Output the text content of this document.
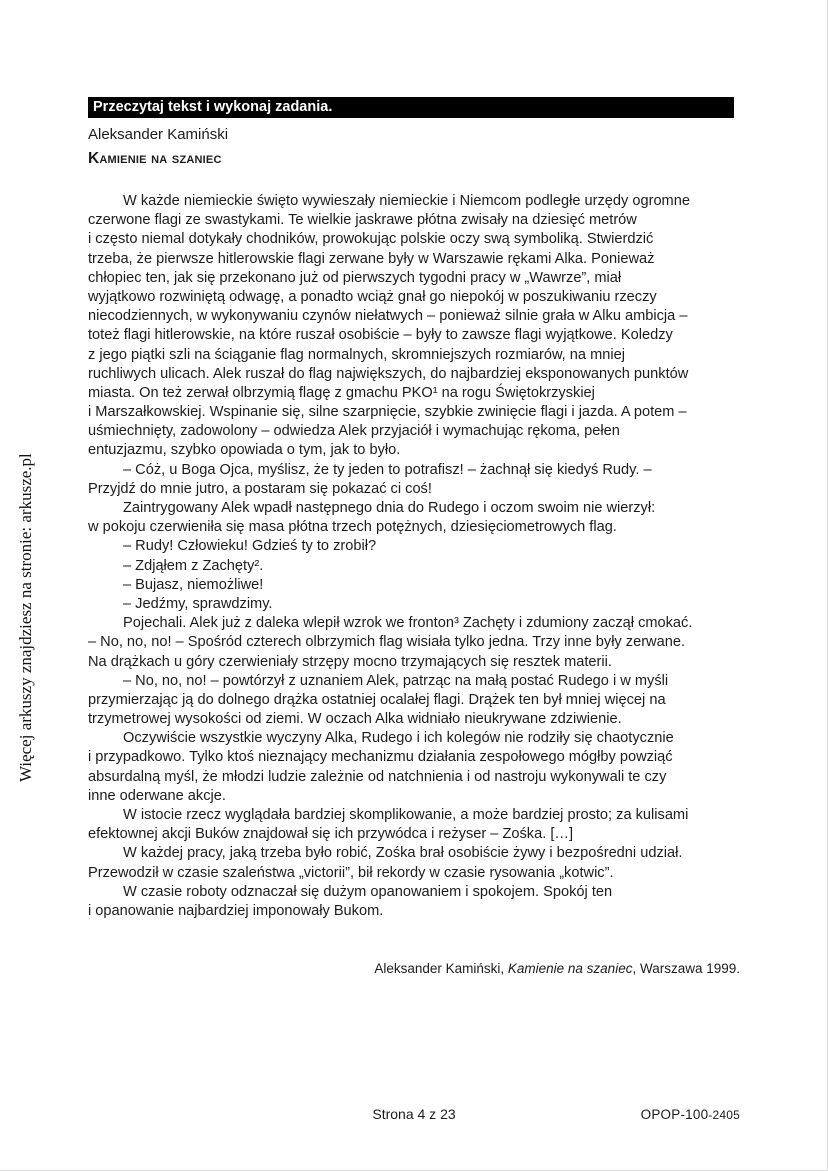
Więcej arkuszy znajdziesz na stronie: arkusze.pl
Przeczytaj tekst i wykonaj zadania.
Aleksander Kamiński
Kamienie na szaniec
W każde niemieckie święto wywieszały niemieckie i Niemcom podległe urzędy ogromne
czerwone flagi ze swastykami. Te wielkie jaskrawe płótna zwisały na dziesięć metrów
i często niemal dotykały chodników, prowokując polskie oczy swą symboliką. Stwierdzić
trzeba, że pierwsze hitlerowskie flagi zerwane były w Warszawie rękami Alka. Ponieważ
chłopiec ten, jak się przekonano już od pierwszych tygodni pracy w „Wawrze”, miał
wyjątkowo rozwiniętą odwagę, a ponadto wciąż gnał go niepokój w poszukiwaniu rzeczy
niecodziennych, w wykonywaniu czynów niełatwych – ponieważ silnie grała w Alku ambicja –
toteż flagi hitlerowskie, na które ruszał osobiście – były to zawsze flagi wyjątkowe. Koledzy
z jego piątki szli na ściąganie flag normalnych, skromniejszych rozmiarów, na mniej
ruchliwych ulicach. Alek ruszał do flag największych, do najbardziej eksponowanych punktów
miasta. On też zerwał olbrzymią flagę z gmachu PKO¹ na rogu Świętokrzyskiej
i Marszałkowskiej. Wspinanie się, silne szarpnięcie, szybkie zwinięcie flagi i jazda. A potem –
uśmiechnięty, zadowolony – odwiedza Alek przyjaciół i wymachując rękoma, pełen
entuzjazmu, szybko opowiada o tym, jak to było.
– Cóż, u Boga Ojca, myślisz, że ty jeden to potrafisz! – żachnął się kiedyś Rudy. –
Przyjdź do mnie jutro, a postaram się pokazać ci coś!
Zaintrygowany Alek wpadł następnego dnia do Rudego i oczom swoim nie wierzył:
w pokoju czerwieniła się masa płótna trzech potężnych, dziesięciometrowych flag.
– Rudy! Człowieku! Gdzieś ty to zrobił?
– Zdjąłem z Zachęty².
– Bujasz, niemożliwe!
– Jedźmy, sprawdzimy.
Pojechali. Alek już z daleka wlepił wzrok we fronton³ Zachęty i zdumiony zaczął cmokać.
– No, no, no! – Spośród czterech olbrzymich flag wisiała tylko jedna. Trzy inne były zerwane.
Na drążkach u góry czerwieniały strzępy mocno trzymających się resztek materii.
– No, no, no! – powtórzył z uznaniem Alek, patrząc na małą postać Rudego i w myśli
przymierzając ją do dolnego drążka ostatniej ocalałej flagi. Drążek ten był mniej więcej na
trzymetrowej wysokości od ziemi. W oczach Alka widniało nieukrywane zdziwienie.
Oczywiście wszystkie wyczyny Alka, Rudego i ich kolegów nie rodziły się chaotycznie
i przypadkowo. Tylko ktoś nieznający mechanizmu działania zespołowego mógłby powziąć
absurdalną myśl, że młodzi ludzie zależnie od natchnienia i od nastroju wykonywali te czy
inne oderwane akcje.
W istocie rzecz wyglądała bardziej skomplikowanie, a może bardziej prosto; za kulisami
efektownej akcji Buków znajdował się ich przywódca i reżyser – Zośka. […]
W każdej pracy, jaką trzeba było robić, Zośka brał osobiście żywy i bezpośredni udział.
Przewodził w czasie szaleństwa „victorii”, bił rekordy w czasie rysowania „kotwic”.
W czasie roboty odznaczał się dużym opanowaniem i spokojem. Spokój ten
i opanowanie najbardziej imponowały Bukom.
Aleksander Kamiński, Kamienie na szaniec, Warszawa 1999.
Strona 4 z 23	OPOP-100-2405
